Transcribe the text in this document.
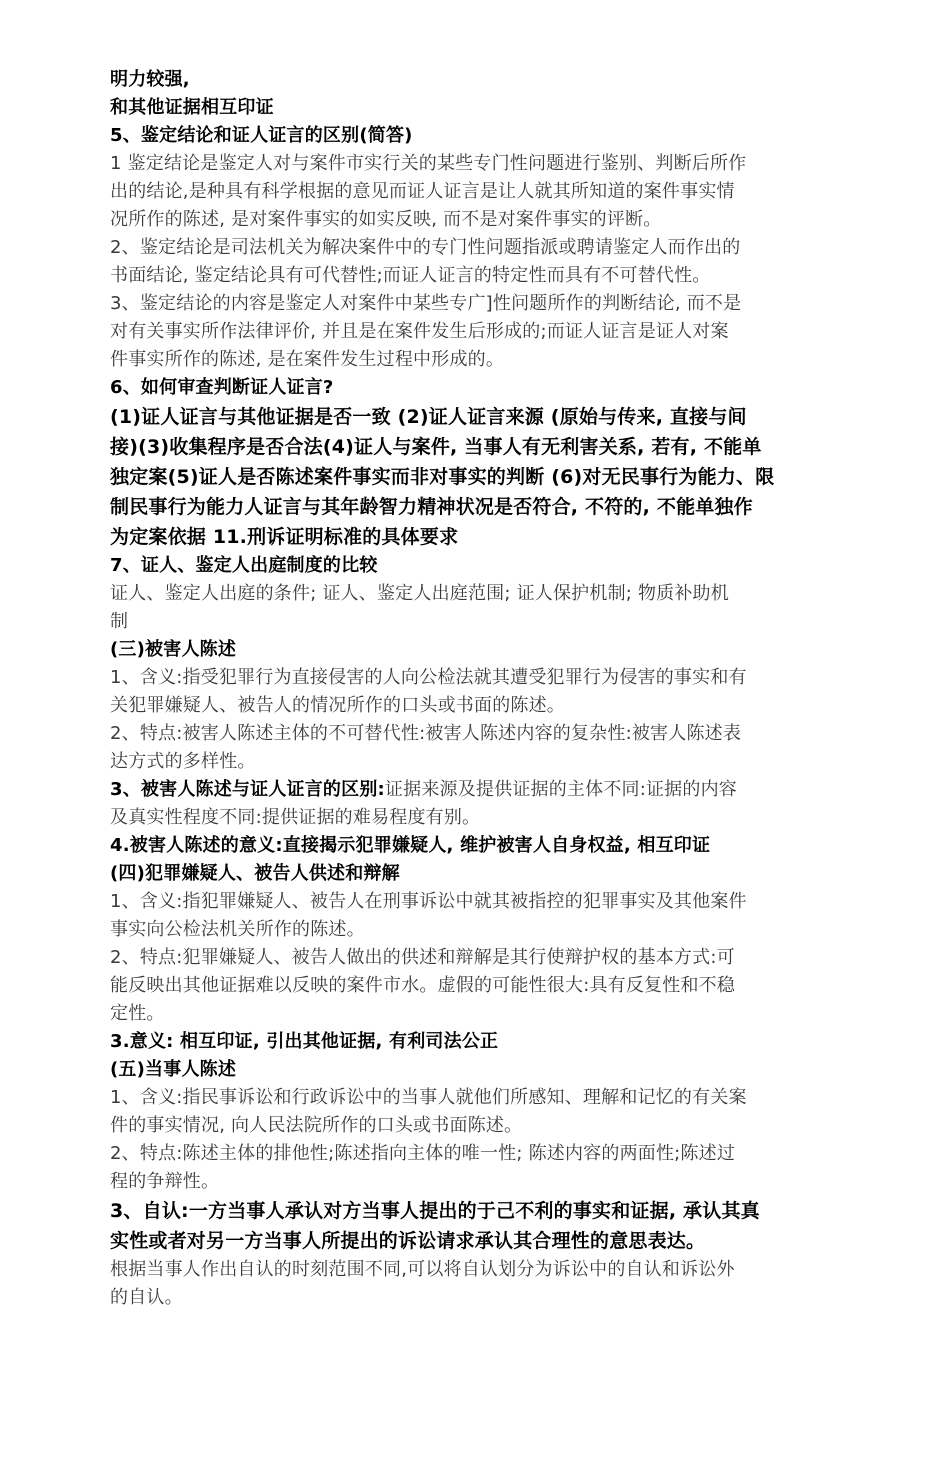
明力较强,
和其他证据相互印证
5、鉴定结论和证人证言的区别(简答)
1 鉴定结论是鉴定人对与案件市实行关的某些专门性问题进行鉴别、判断后所作
出的结论,是种具有科学根据的意见而证人证言是让人就其所知道的案件事实情
况所作的陈述, 是对案件事实的如实反映, 而不是对案件事实的评断。
2、鉴定结论是司法机关为解决案件中的专门性问题指派或聘请鉴定人而作出的
书面结论, 鉴定结论具有可代替性;而证人证言的特定性而具有不可替代性。
3、鉴定结论的内容是鉴定人对案件中某些专广]性问题所作的判断结论, 而不是
对有关事实所作法律评价, 并且是在案件发生后形成的;而证人证言是证人对案
件事实所作的陈述, 是在案件发生过程中形成的。
6、如何审查判断证人证言?
(1)证人证言与其他证据是否一致 (2)证人证言来源 (原始与传来, 直接与间
接)(3)收集程序是否合法(4)证人与案件, 当事人有无利害关系, 若有, 不能单
独定案(5)证人是否陈述案件事实而非对事实的判断 (6)对无民事行为能力、限
制民事行为能力人证言与其年龄智力精神状况是否符合, 不符的, 不能单独作
为定案依据 11.刑诉证明标准的具体要求
7、证人、鉴定人出庭制度的比较
证人、鉴定人出庭的条件; 证人、鉴定人出庭范围; 证人保护机制; 物质补助机
制
(三)被害人陈述
1、含义:指受犯罪行为直接侵害的人向公检法就其遭受犯罪行为侵害的事实和有
关犯罪嫌疑人、被告人的情况所作的口头或书面的陈述。
2、特点:被害人陈述主体的不可替代性:被害人陈述内容的复杂性:被害人陈述表
达方式的多样性。
3、被害人陈述与证人证言的区别:证据来源及提供证据的主体不同:证据的内容
及真实性程度不同:提供证据的难易程度有别。
4.被害人陈述的意义:直接揭示犯罪嫌疑人, 维护被害人自身权益, 相互印证
(四)犯罪嫌疑人、被告人供述和辩解
1、含义:指犯罪嫌疑人、被告人在刑事诉讼中就其被指控的犯罪事实及其他案件
事实向公检法机关所作的陈述。
2、特点:犯罪嫌疑人、被告人做出的供述和辩解是其行使辩护权的基本方式:可
能反映出其他证据难以反映的案件市水。虚假的可能性很大:具有反复性和不稳
定性。
3.意义: 相互印证, 引出其他证据, 有利司法公正
(五)当事人陈述
1、含义:指民事诉讼和行政诉讼中的当事人就他们所感知、理解和记忆的有关案
件的事实情况, 向人民法院所作的口头或书面陈述。
2、特点:陈述主体的排他性;陈述指向主体的唯一性; 陈述内容的两面性;陈述过
程的争辩性。
3、自认:一方当事人承认对方当事人提出的于己不利的事实和证据, 承认其真
实性或者对另一方当事人所提出的诉讼请求承认其合理性的意思表达。
根据当事人作出自认的时刻范围不同,可以将自认划分为诉讼中的自认和诉讼外
的自认。
